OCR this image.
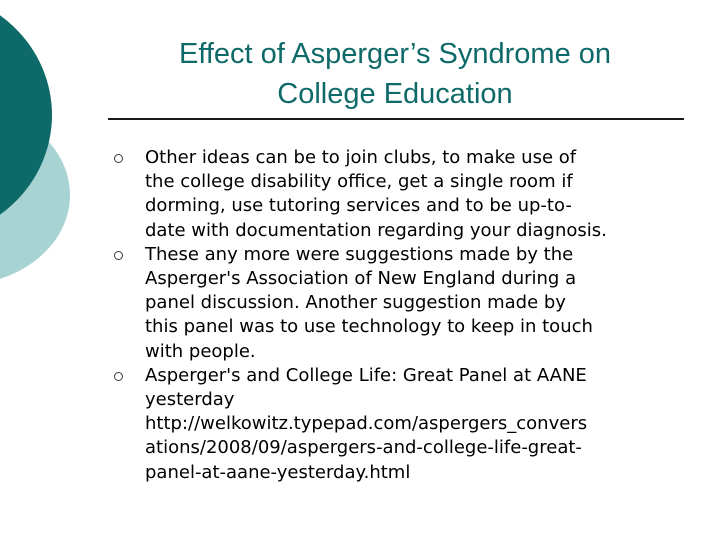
Effect of Asperger’s Syndrome on
College Education
Other ideas can be to join clubs, to make use of
the college disability office, get a single room if
dorming, use tutoring services and to be up-to-
date with documentation regarding your diagnosis.
These any more were suggestions made by the
Asperger's Association of New England during a
panel discussion. Another suggestion made by
this panel was to use technology to keep in touch
with people.
Asperger's and College Life: Great Panel at AANE
yesterday
http://welkowitz.typepad.com/aspergers_convers
ations/2008/09/aspergers-and-college-life-great-
panel-at-aane-yesterday.html
